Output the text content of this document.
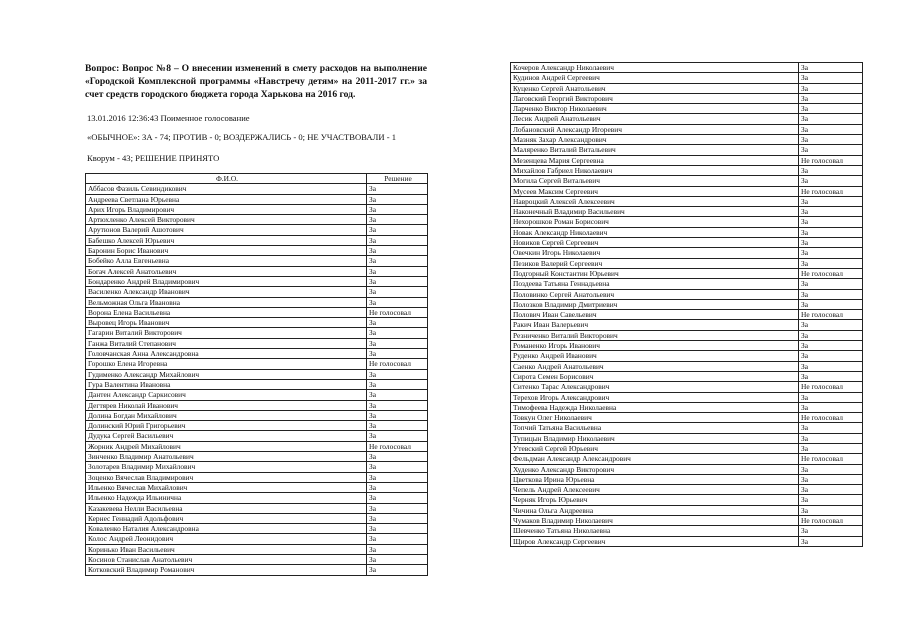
Вопрос: Вопрос №8 – О внесении изменений в смету расходов на выполнение «Городской Комплексной программы «Навстречу детям» на 2011-2017 гг.» за счет средств городского бюджета города Харькова на 2016 год.

13.01.2016 12:36:43 Поименное голосование
«ОБЫЧНОЕ»: ЗА - 74; ПРОТИВ - 0; ВОЗДЕРЖАЛИСЬ - 0; НЕ УЧАСТВОВАЛИ - 1
Кворум - 43; РЕШЕНИЕ ПРИНЯТО
Ф.И.О.	Решение
Аббасов Фазиль Севиндикович	За
Андреева Светлана Юрьевна	За
Арих Игорь Владимирович	За
Артюхленко Алексей Викторович	За
Арутюнов Валерий Ашотович	За
Бабешко Алексей Юрьевич	За
Баронин Борис Иванович	За
Бобейко Алла Евгеньевна	За
Богач Алексей Анатольевич	За
Бондаренко Андрей Владимирович	За
Василенко Александр Иванович	За
Вельможная Ольга Ивановна	За
Ворона Елена Васильевна	Не голосовал
Выровец Игорь Иванович	За
Гагарин Виталий Викторович	За
Ганжа Виталий Степанович	За
Головчанская Анна Александровна	За
Горошко Елена Игоревна	Не голосовал
Гудименко Александр Михайлович	За
Гура Валентина Ивановна	За
Дантен Александр Саркисович	За
Дегтярев Николай Иванович	За
Долина Богдан Михайлович	За
Долинский Юрий Григорьевич	За
Дудука Сергей Васильевич	За
Жорник Андрей Михайлович	Не голосовал
Зинченко Владимир Анатольевич	За
Золотарев Владимир Михайлович	За
Зоценко Вячеслав Владимирович	За
Ильенко Вячеслав Михайлович	За
Ильенко Надежда Ильинична	За
Казакевева Нелли Васильевна	За
Кернес Геннадий Адольфович	За
Коваленко Наталия Александровна	За
Колос Андрей Леонидович	За
Коринько Иван Васильевич	За
Косинов Станислав Анатольевич	За
Котковский Владимир Романович	За
Кочеров Александр Николаевич	За
Кудинов Андрей Сергеевич	За
Куценко Сергей Анатольевич	За
Лаговский Георгий Викторович	За
Ларченко Виктор Николаевич	За
Лесик Андрей Анатольевич	За
Лобановский Александр Игоревич	За
Мазняк Захар Александрович	За
Маляренко Виталий Витальевич	За
Мезенцева Мария Сергеевна	Не голосовал
Михайлов Габриел Николаевич	За
Могила Сергей Витальевич	За
Мусеев Максим Сергеевич	Не голосовал
Навроцкий Алексей Алексеевич	За
Наконечный Владимир Васильевич	За
Нехорошков Роман Борисович	За
Новак Александр Николаевич	За
Новиков Сергей Сергеевич	За
Овечкин Игорь Николаевич	За
Пезиков Валерий Сергеевич	За
Подгорный Константин Юрьевич	Не голосовал
Поздеева Татьяна Геннадьевна	За
Половинко Сергей Анатольевич	За
Полозков Владимир Дмитриевич	За
Полович Иван Савельевич	Не голосовал
Ракич Иван Валерьевич	За
Резниченко Виталий Викторович	За
Романенко Игорь Иванович	За
Руденко Андрей Иванович	За
Саенко Андрей Анатольевич	За
Сирота Семен Борисович	За
Ситенко Тарас Александрович	Не голосовал
Терехов Игорь Александрович	За
Тимофеева Надежда Николаевна	За
Товкун Олег Николаевич	Не голосовал
Топчий Татьяна Васильевна	За
Тупицын Владимир Николаевич	За
Утевский Сергей Юрьевич	За
Фельдман Александр Александрович	Не голосовал
Худенко Александр Викторович	За
Цветкова Ирина Юрьевна	За
Чепель Андрей Алексеевич	За
Черняк Игорь Юрьевич	За
Чичина Ольга Андреевна	За
Чумаков Владимир Николаевич	Не голосовал
Шевченко Татьяна Николаевна	За
Щиров Александр Сергеевич	За
